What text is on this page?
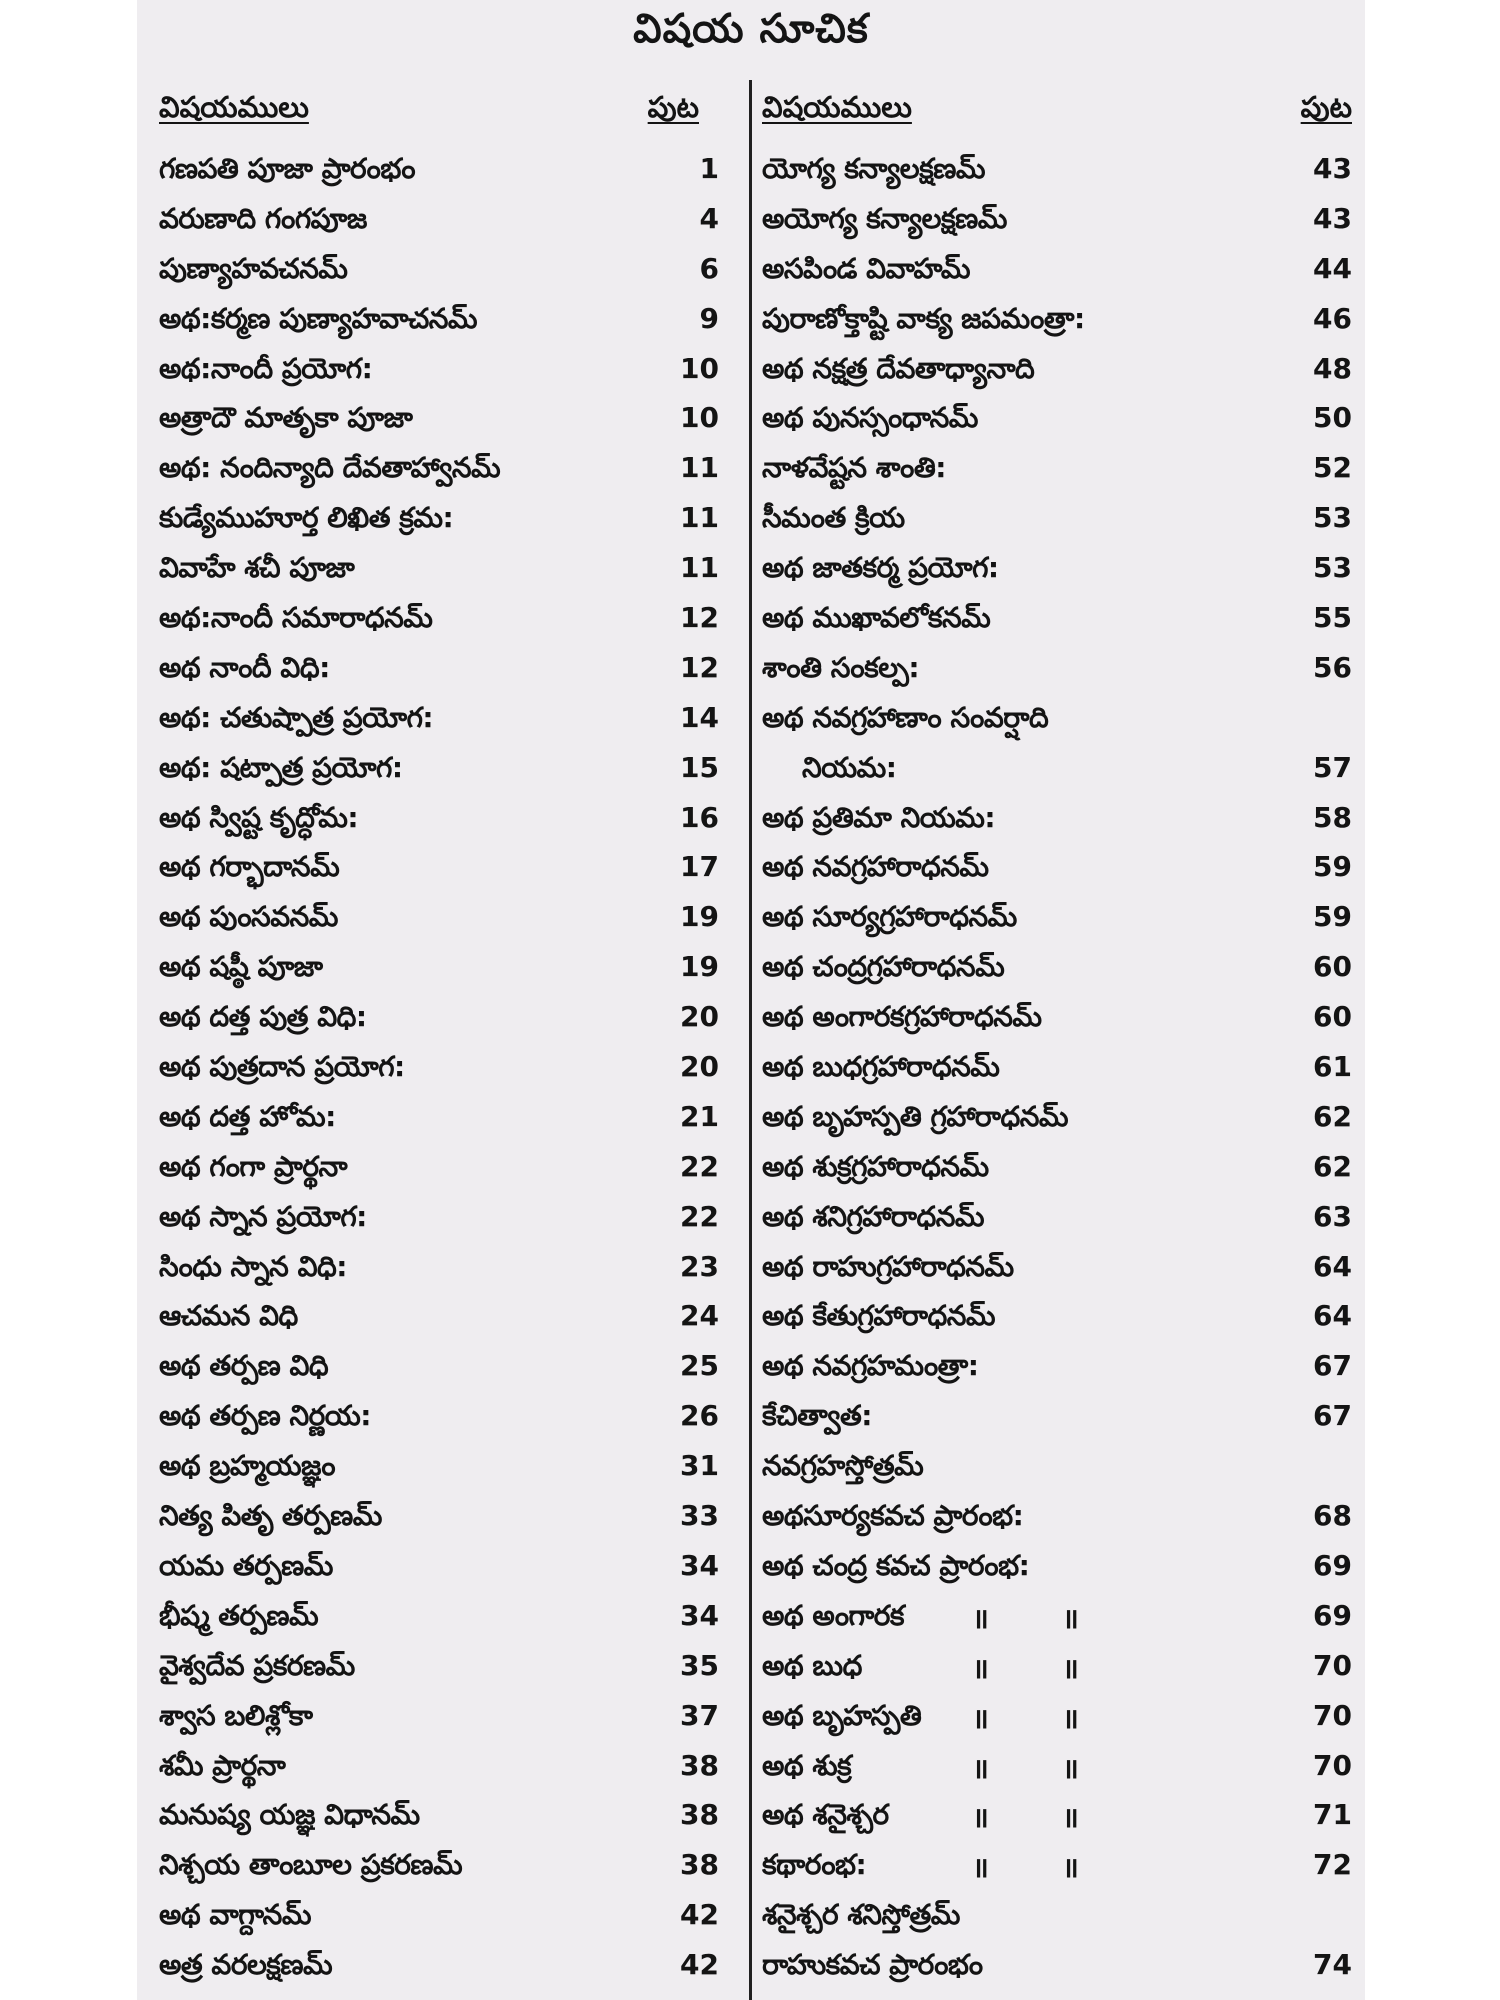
విషయ సూచిక
విషయములు	పుట
గణపతి పూజా ప్రారంభం	1
వరుణాది గంగపూజ	4
పుణ్యాహవచనమ్	6
అథ:కర్మణ పుణ్యాహవాచనమ్	9
అథ:నాందీ ప్రయోగ:	10
అత్రాదౌ మాతృకా పూజా	10
అథ: నందిన్యాది దేవతాహ్వానమ్	11
కుడ్యేముహూర్త లిఖిత క్రమ:	11
వివాహే శచీ పూజా	11
అథ:నాందీ సమారాధనమ్	12
అథ నాందీ విధి:	12
అథ: చతుష్పాత్ర ప్రయోగ:	14
అథ: షట్పాత్ర ప్రయోగ:	15
అథ స్విష్ట కృద్ధోమ:	16
అథ గర్భాదానమ్	17
అథ పుంసవనమ్	19
అథ షష్ఠీ పూజా	19
అథ దత్త పుత్ర విధి:	20
అథ పుత్రదాన ప్రయోగ:	20
అథ దత్త హోమ:	21
అథ గంగా ప్రార్థనా	22
అథ స్నాన ప్రయోగ:	22
సింధు స్నాన విధి:	23
ఆచమన విధి	24
అథ తర్పణ విధి	25
అథ తర్పణ నిర్ణయ:	26
అథ బ్రహ్మయజ్ఞం	31
నిత్య పితృ తర్పణమ్	33
యమ తర్పణమ్	34
భీష్మ తర్పణమ్	34
వైశ్వదేవ ప్రకరణమ్	35
శ్వాస బలిశ్లోకా	37
శమీ ప్రార్థనా	38
మనుష్య యజ్ఞ విధానమ్	38
నిశ్చయ తాంబూల ప్రకరణమ్	38
అథ వాగ్దానమ్	42
అత్ర వరలక్షణమ్	42
విషయములు	పుట
యోగ్య కన్యాలక్షణమ్	43
అయోగ్య కన్యాలక్షణమ్	43
అసపిండ వివాహమ్	44
పురాణోక్తాష్టి వాక్య జపమంత్రా:	46
అథ నక్షత్ర దేవతాధ్యానాది	48
అథ పునస్సంధానమ్	50
నాళవేష్టన శాంతి:	52
సీమంత క్రియ	53
అథ జాతకర్మ ప్రయోగ:	53
అథ ముఖావలోకనమ్	55
శాంతి సంకల్ప:	56
అథ నవగ్రహాణాం సంవర్షాది
నియమ:	57
అథ ప్రతిమా నియమ:	58
అథ నవగ్రహారాధనమ్	59
అథ సూర్యగ్రహారాధనమ్	59
అథ చంద్రగ్రహారాధనమ్	60
అథ అంగారకగ్రహారాధనమ్	60
అథ బుధగ్రహారాధనమ్	61
అథ బృహస్పతి గ్రహారాధనమ్	62
అథ శుక్రగ్రహారాధనమ్	62
అథ శనిగ్రహారాధనమ్	63
అథ రాహుగ్రహారాధనమ్	64
అథ కేతుగ్రహారాధనమ్	64
అథ నవగ్రహమంత్రా:	67
కేచిత్వాత:	67
నవగ్రహస్తోత్రమ్
అథసూర్యకవచ ప్రారంభ:	68
అథ చంద్ర కవచ ప్రారంభ:	69
అథ అంగారక ॥	॥	69
అథ బుధ	॥	॥	70
అథ బృహస్పతి ॥	॥	70
అథ శుక్ర	॥	॥	70
అథ శనైశ్చర	॥	॥	71
కథారంభ:	॥	॥	72
శనైశ్చర శనిస్తోత్రమ్
రాహుకవచ ప్రారంభం	74
